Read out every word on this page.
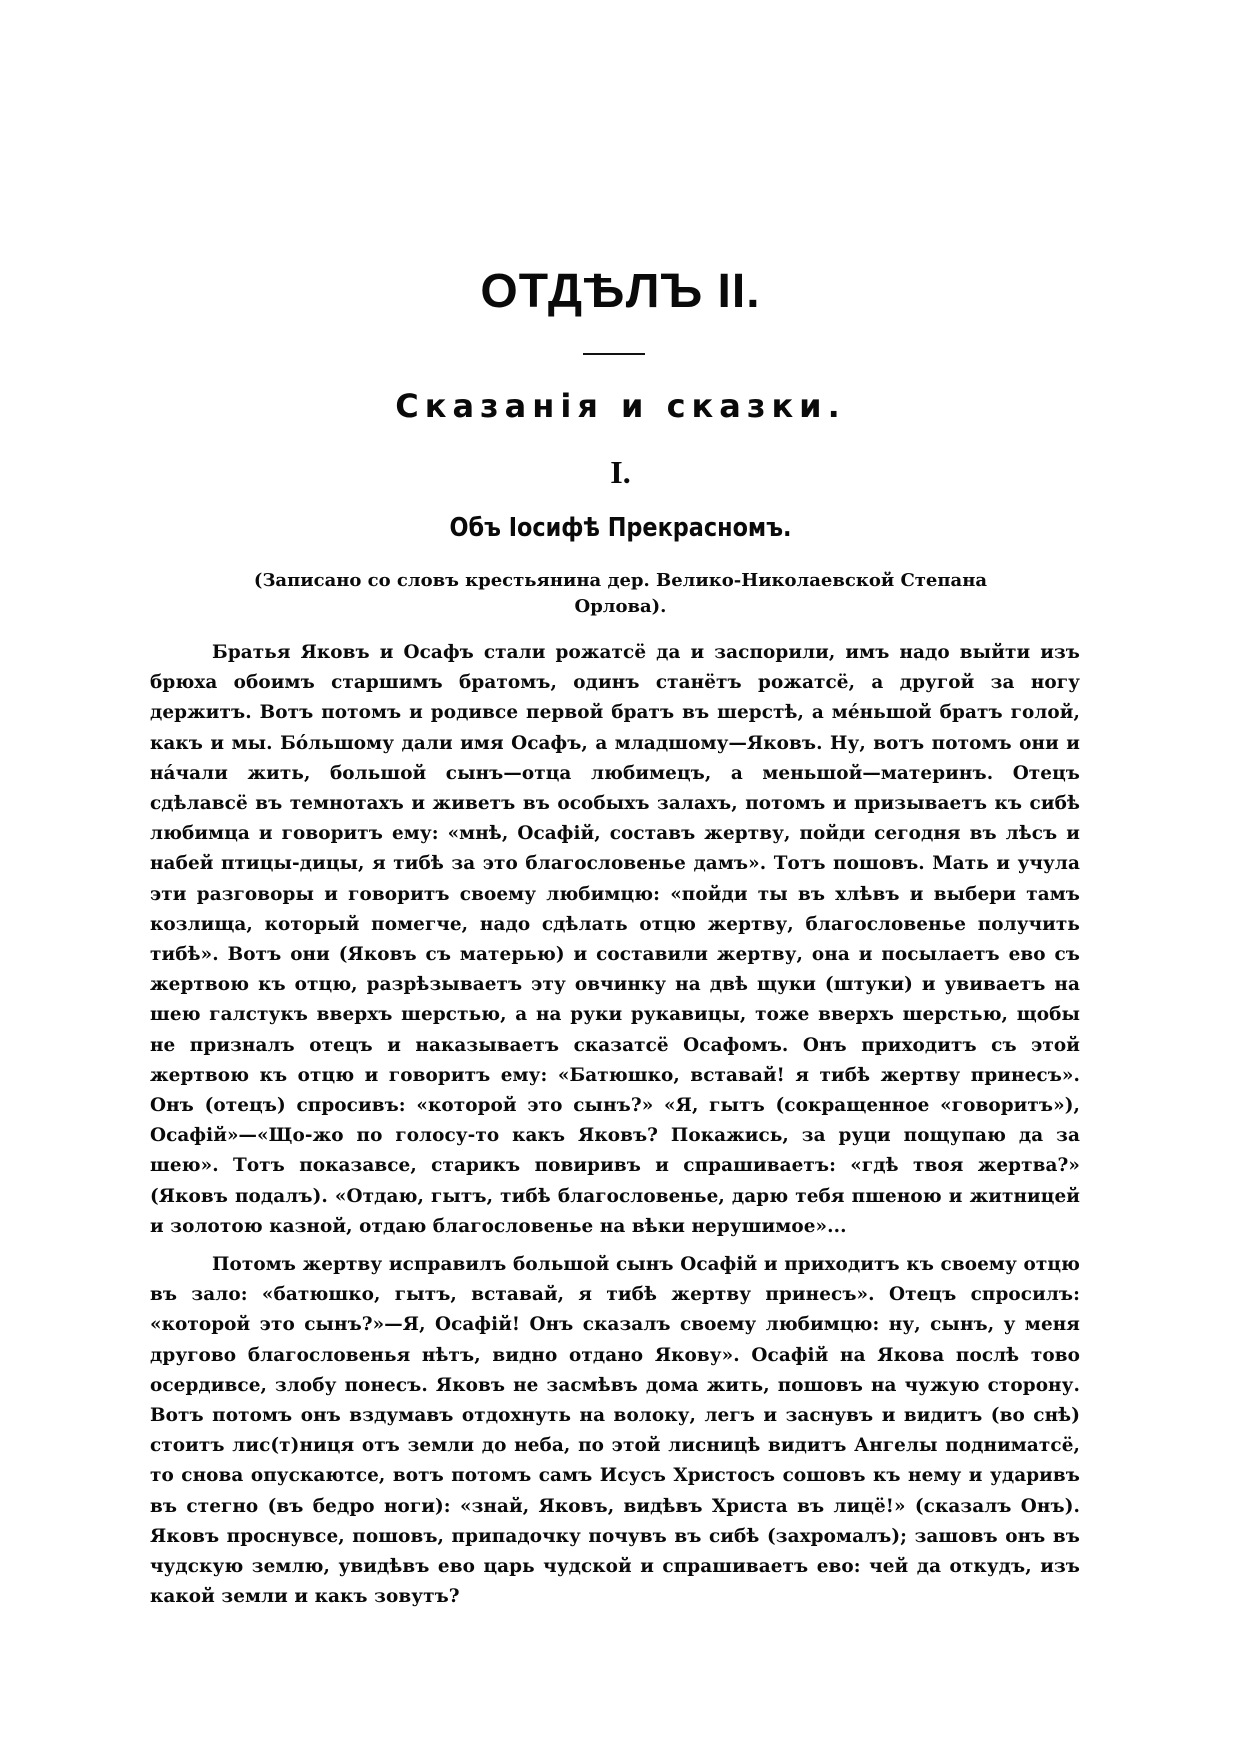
ОТДѢЛЪ II.
Сказанія и сказки.
I.
Объ Іосифѣ Прекрасномъ.
(Записано со словъ крестьянина дер. Велико-Николаевской Степана Орлова).

Братья Яковъ и Осафъ стали рожатсё да и заспорили, имъ надо выйти изъ брюха обоимъ старшимъ братомъ, одинъ станётъ рожатсё, а другой за ногу держитъ. Вотъ потомъ и родивсе первой братъ въ шерстѣ, а ме́ньшой братъ голой, какъ и мы. Бо́льшому дали имя Осафъ, а младшому—Яковъ. Ну, вотъ потомъ они и на́чали жить, большой сынъ—отца любимецъ, а меньшой—материнъ. Отецъ сдѣлавсё въ темнотахъ и живетъ въ особыхъ залахъ, потомъ и призываетъ къ сибѣ любимца и говоритъ ему: «мнѣ, Осафій, составъ жертву, пойди сегодня въ лѣсъ и набей птицы-дицы, я тибѣ за это благословенье дамъ». Тотъ пошовъ. Мать и учула эти разговоры и говоритъ своему любимцю: «пойди ты въ хлѣвъ и выбери тамъ козлища, который помегче, надо сдѣлать отцю жертву, благословенье получить тибѣ». Вотъ они (Яковъ съ матерью) и составили жертву, она и посылаетъ ево съ жертвою къ отцю, разрѣзываетъ эту овчинку на двѣ щуки (штуки) и увиваетъ на шею галстукъ вверхъ шерстью, а на руки рукавицы, тоже вверхъ шерстью, щобы не призналъ отецъ и наказываетъ сказатсё Осафомъ. Онъ приходитъ съ этой жертвою къ отцю и говоритъ ему: «Батюшко, вставай! я тибѣ жертву принесъ». Онъ (отецъ) спросивъ: «которой это сынъ?» «Я, гытъ (сокращенное «говоритъ»), Осафій»—«Що-жо по голосу-то какъ Яковъ? Покажись, за руци пощупаю да за шею». Тотъ показавсе, старикъ повиривъ и спрашиваетъ: «гдѣ твоя жертва?» (Яковъ подалъ). «Отдаю, гытъ, тибѣ благословенье, дарю тебя пшеною и житницей и золотою казной, отдаю благословенье на вѣки нерушимое»...

Потомъ жертву исправилъ большой сынъ Осафій и приходитъ къ своему отцю въ зало: «батюшко, гытъ, вставай, я тибѣ жертву принесъ». Отецъ спросилъ: «которой это сынъ?»—Я, Осафій! Онъ сказалъ своему любимцю: ну, сынъ, у меня другово благословенья нѣтъ, видно отдано Якову». Осафій на Якова послѣ тово осердивсе, злобу понесъ. Яковъ не засмѣвъ дома жить, пошовъ на чужую сторону. Вотъ потомъ онъ вздумавъ отдохнуть на волоку, легъ и заснувъ и видитъ (во снѣ) стоитъ лис(т)ниця отъ земли до неба, по этой лисницѣ видитъ Ангелы подниматсё, то снова опускаютсе, вотъ потомъ самъ Исусъ Христосъ сошовъ къ нему и ударивъ въ стегно (въ бедро ноги): «знай, Яковъ, видѣвъ Христа въ лицё!» (сказалъ Онъ). Яковъ проснувсе, пошовъ, припадочку почувъ въ сибѣ (захромалъ); зашовъ онъ въ чудскую землю, увидѣвъ ево царь чудской и спрашиваетъ ево: чей да откудъ, изъ какой земли и какъ зовутъ?
